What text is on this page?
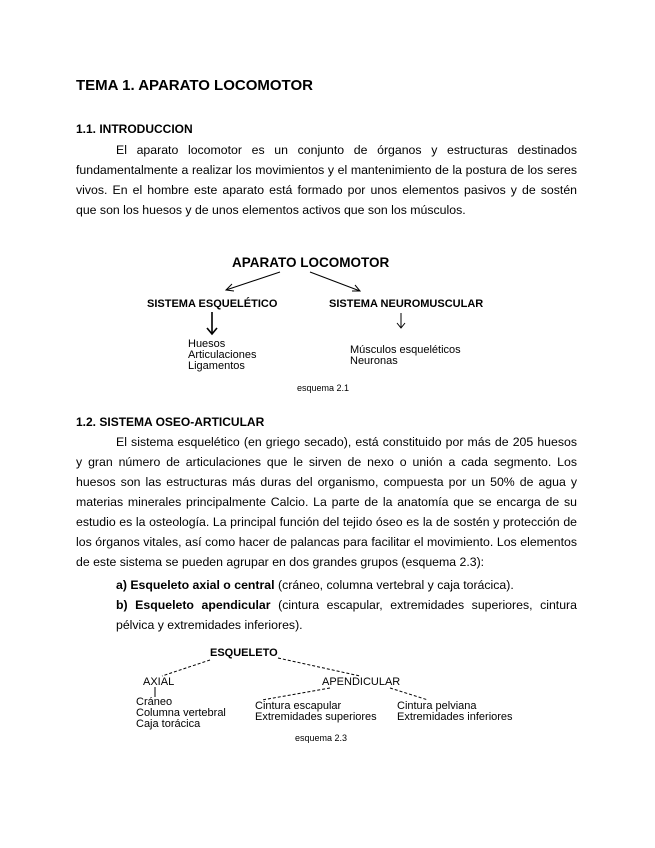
TEMA 1. APARATO LOCOMOTOR
1.1. INTRODUCCION
El aparato locomotor es un conjunto de órganos y estructuras destinados fundamentalmente a realizar los movimientos y el mantenimiento de la postura de los seres vivos. En el hombre este aparato está formado por unos elementos pasivos y de sostén que son los huesos y de unos elementos activos que son los músculos.
APARATO LOCOMOTOR
SISTEMA ESQUELÉTICO	SISTEMA NEUROMUSCULAR
Huesos
Articulaciones
Ligamentos
Músculos esqueléticos
Neuronas
esquema 2.1
1.2. SISTEMA OSEO-ARTICULAR
El sistema esquelético (en griego secado), está constituido por más de 205 huesos y gran número de articulaciones que le sirven de nexo o unión a cada segmento. Los huesos son las estructuras más duras del organismo, compuesta por un 50% de agua y materias minerales principalmente Calcio. La parte de la anatomía que se encarga de su estudio es la osteología. La principal función del tejido óseo es la de sostén y protección de los órganos vitales, así como hacer de palancas para facilitar el movimiento. Los elementos de este sistema se pueden agrupar en dos grandes grupos (esquema 2.3):
a) Esqueleto axial o central (cráneo, columna vertebral y caja torácica).
b) Esqueleto apendicular (cintura escapular, extremidades superiores, cintura pélvica y extremidades inferiores).
ESQUELETO
AXIAL	APENDICULAR
Cráneo
Columna vertebral
Caja torácica
Cintura escapular
Extremidades superiores
Cintura pelviana
Extremidades inferiores
esquema 2.3
